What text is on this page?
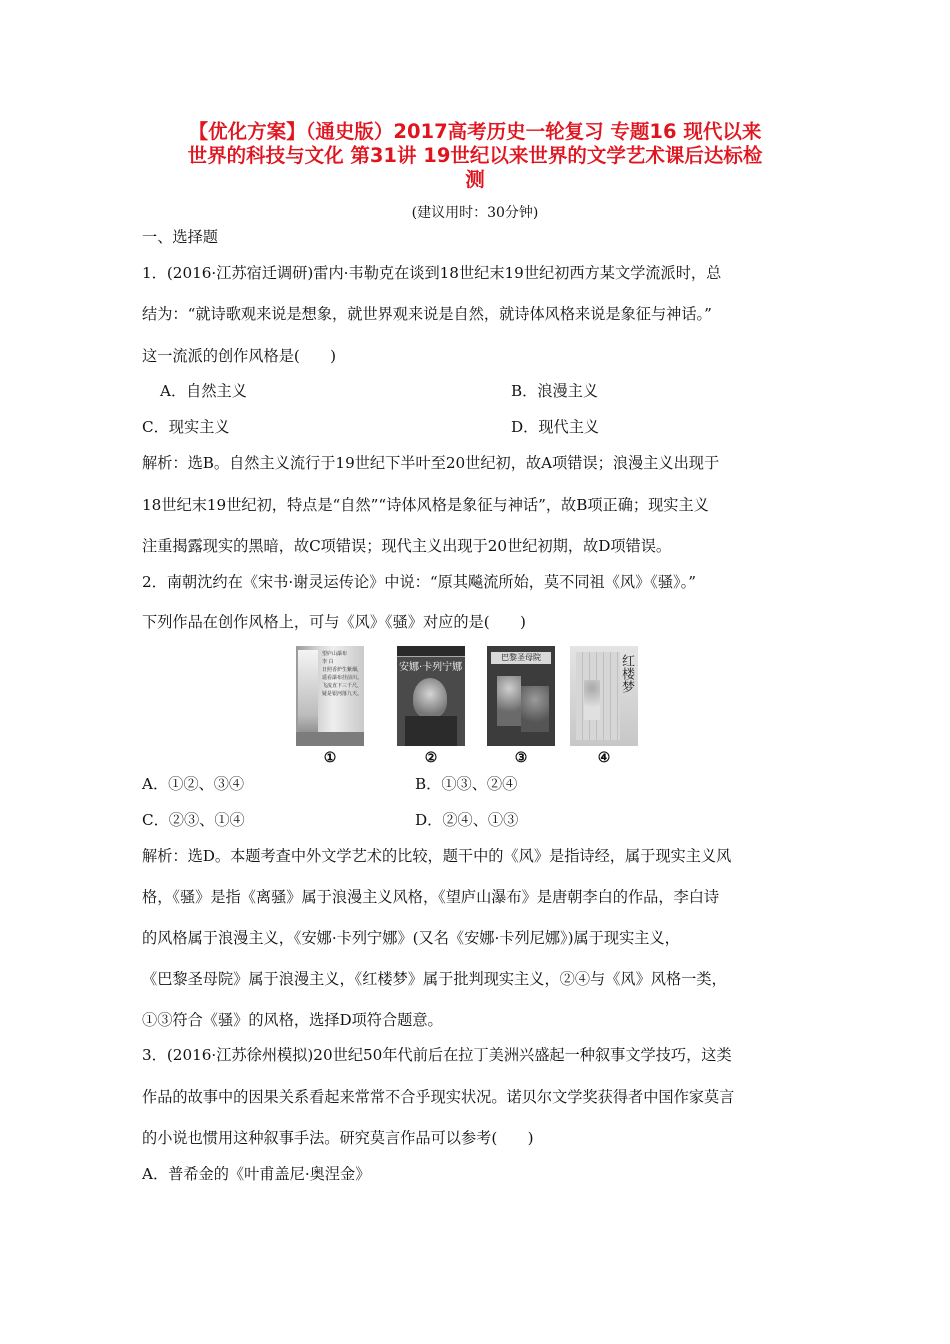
【优化方案】（通史版）2017高考历史一轮复习 专题16 现代以来
世界的科技与文化 第31讲 19世纪以来世界的文学艺术课后达标检
测
(建议用时：30分钟)
一、选择题
1．(2016·江苏宿迁调研)雷内·韦勒克在谈到18世纪末19世纪初西方某文学流派时，总
结为：“就诗歌观来说是想象，就世界观来说是自然，就诗体风格来说是象征与神话。”
这一流派的创作风格是(　　)
A．自然主义	B．浪漫主义
C．现实主义	D．现代主义
解析：选B。自然主义流行于19世纪下半叶至20世纪初，故A项错误；浪漫主义出现于
18世纪末19世纪初，特点是“自然”“诗体风格是象征与神话”，故B项正确；现实主义
注重揭露现实的黑暗，故C项错误；现代主义出现于20世纪初期，故D项错误。
2．南朝沈约在《宋书·谢灵运传论》中说：“原其飚流所始，莫不同祖《风》《骚》。”
下列作品在创作风格上，可与《风》《骚》对应的是(　　)
望庐山瀑布
李 白
日照香炉生紫烟，
遥看瀑布挂前川。
飞流直下三千尺，
疑是银河落九天。
①
安娜·卡列宁娜
②
巴黎圣母院
③
红楼梦
④
A．①②、③④	B．①③、②④
C．②③、①④	D．②④、①③
解析：选D。本题考查中外文学艺术的比较，题干中的《风》是指诗经，属于现实主义风
格，《骚》是指《离骚》属于浪漫主义风格，《望庐山瀑布》是唐朝李白的作品，李白诗
的风格属于浪漫主义，《安娜·卡列宁娜》(又名《安娜·卡列尼娜》)属于现实主义，
《巴黎圣母院》属于浪漫主义，《红楼梦》属于批判现实主义，②④与《风》风格一类，
①③符合《骚》的风格，选择D项符合题意。
3．(2016·江苏徐州模拟)20世纪50年代前后在拉丁美洲兴盛起一种叙事文学技巧，这类
作品的故事中的因果关系看起来常常不合乎现实状况。诺贝尔文学奖获得者中国作家莫言
的小说也惯用这种叙事手法。研究莫言作品可以参考(　　)
A．普希金的《叶甫盖尼·奥涅金》
